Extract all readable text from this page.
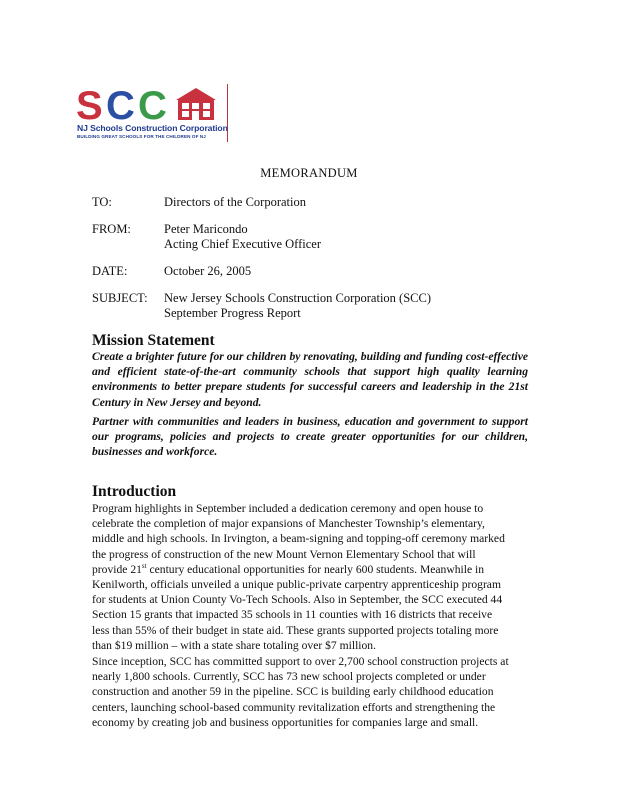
S C C
NJ Schools Construction Corporation
BUILDING GREAT SCHOOLS FOR THE CHILDREN OF NJ
MEMORANDUM
TO:	Directors of the Corporation
FROM:	Peter Maricondo
Acting Chief Executive Officer
DATE:	October 26, 2005
SUBJECT: New Jersey Schools Construction Corporation (SCC)
September Progress Report
Mission Statement

Create a brighter future for our children by renovating, building and funding cost-effective and efficient state-of-the-art community schools that support high quality learning environments to better prepare students for successful careers and leadership in the 21st Century in New Jersey and beyond.

Partner with communities and leaders in business, education and government to support our programs, policies and projects to create greater opportunities for our children, businesses and workforce.

Introduction
Program highlights in September included a dedication ceremony and open house to
celebrate the completion of major expansions of Manchester Township’s elementary,
middle and high schools. In Irvington, a beam-signing and topping-off ceremony marked
the progress of construction of the new Mount Vernon Elementary School that will
provide 21st century educational opportunities for nearly 600 students. Meanwhile in
Kenilworth, officials unveiled a unique public-private carpentry apprenticeship program
for students at Union County Vo-Tech Schools. Also in September, the SCC executed 44
Section 15 grants that impacted 35 schools in 11 counties with 16 districts that receive
less than 55% of their budget in state aid. These grants supported projects totaling more
than $19 million – with a state share totaling over $7 million.
Since inception, SCC has committed support to over 2,700 school construction projects at
nearly 1,800 schools. Currently, SCC has 73 new school projects completed or under
construction and another 59 in the pipeline. SCC is building early childhood education
centers, launching school-based community revitalization efforts and strengthening the
economy by creating job and business opportunities for companies large and small.
